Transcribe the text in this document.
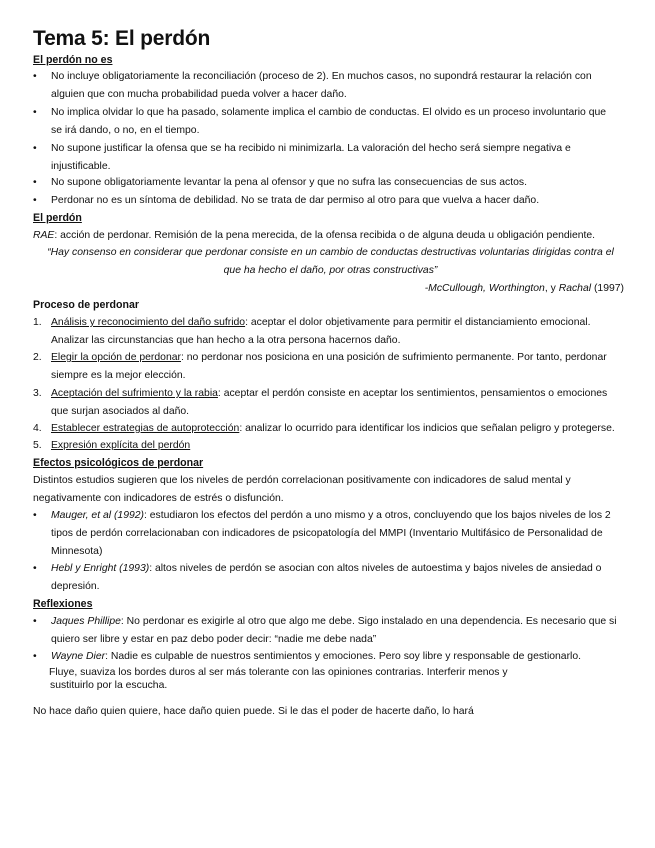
Tema 5: El perdón
El perdón no es
• No incluye obligatoriamente la reconciliación (proceso de 2). En muchos casos, no supondrá restaurar la relación con
alguien que con mucha probabilidad pueda volver a hacer daño.
• No implica olvidar lo que ha pasado, solamente implica el cambio de conductas. El olvido es un proceso involuntario que
se irá dando, o no, en el tiempo.
• No supone justificar la ofensa que se ha recibido ni minimizarla. La valoración del hecho será siempre negativa e
injustificable.
• No supone obligatoriamente levantar la pena al ofensor y que no sufra las consecuencias de sus actos.
• Perdonar no es un síntoma de debilidad. No se trata de dar permiso al otro para que vuelva a hacer daño.
El perdón
RAE: acción de perdonar. Remisión de la pena merecida, de la ofensa recibida o de alguna deuda u obligación pendiente.
“Hay consenso en considerar que perdonar consiste en un cambio de conductas destructivas voluntarias dirigidas contra el
que ha hecho el daño, por otras constructivas”
-McCullough, Worthington, y Rachal (1997)
Proceso de perdonar
1. Análisis y reconocimiento del daño sufrido: aceptar el dolor objetivamente para permitir el distanciamiento emocional.
Analizar las circunstancias que han hecho a la otra persona hacernos daño.
2. Elegir la opción de perdonar: no perdonar nos posiciona en una posición de sufrimiento permanente. Por tanto, perdonar
siempre es la mejor elección.
3. Aceptación del sufrimiento y la rabia: aceptar el perdón consiste en aceptar los sentimientos, pensamientos o emociones
que surjan asociados al daño.
4. Establecer estrategias de autoprotección: analizar lo ocurrido para identificar los indicios que señalan peligro y protegerse.
5. Expresión explícita del perdón
Efectos psicológicos de perdonar
Distintos estudios sugieren que los niveles de perdón correlacionan positivamente con indicadores de salud mental y
negativamente con indicadores de estrés o disfunción.
• Mauger, et al (1992): estudiaron los efectos del perdón a uno mismo y a otros, concluyendo que los bajos niveles de los 2
tipos de perdón correlacionaban con indicadores de psicopatología del MMPI (Inventario Multifásico de Personalidad de
Minnesota)
• Hebl y Enright (1993): altos niveles de perdón se asocian con altos niveles de autoestima y bajos niveles de ansiedad o
depresión.
Reflexiones
• Jaques Phillipe: No perdonar es exigirle al otro que algo me debe. Sigo instalado en una dependencia. Es necesario que si
quiero ser libre y estar en paz debo poder decir: “nadie me debe nada”
• Wayne Dier: Nadie es culpable de nuestros sentimientos y emociones. Pero soy libre y responsable de gestionarlo.
Fluye, suaviza los bordes duros al ser más tolerante con las opiniones contrarias. Interferir menos y
sustituirlo por la escucha.
No hace daño quien quiere, hace daño quien puede. Si le das el poder de hacerte daño, lo hará
